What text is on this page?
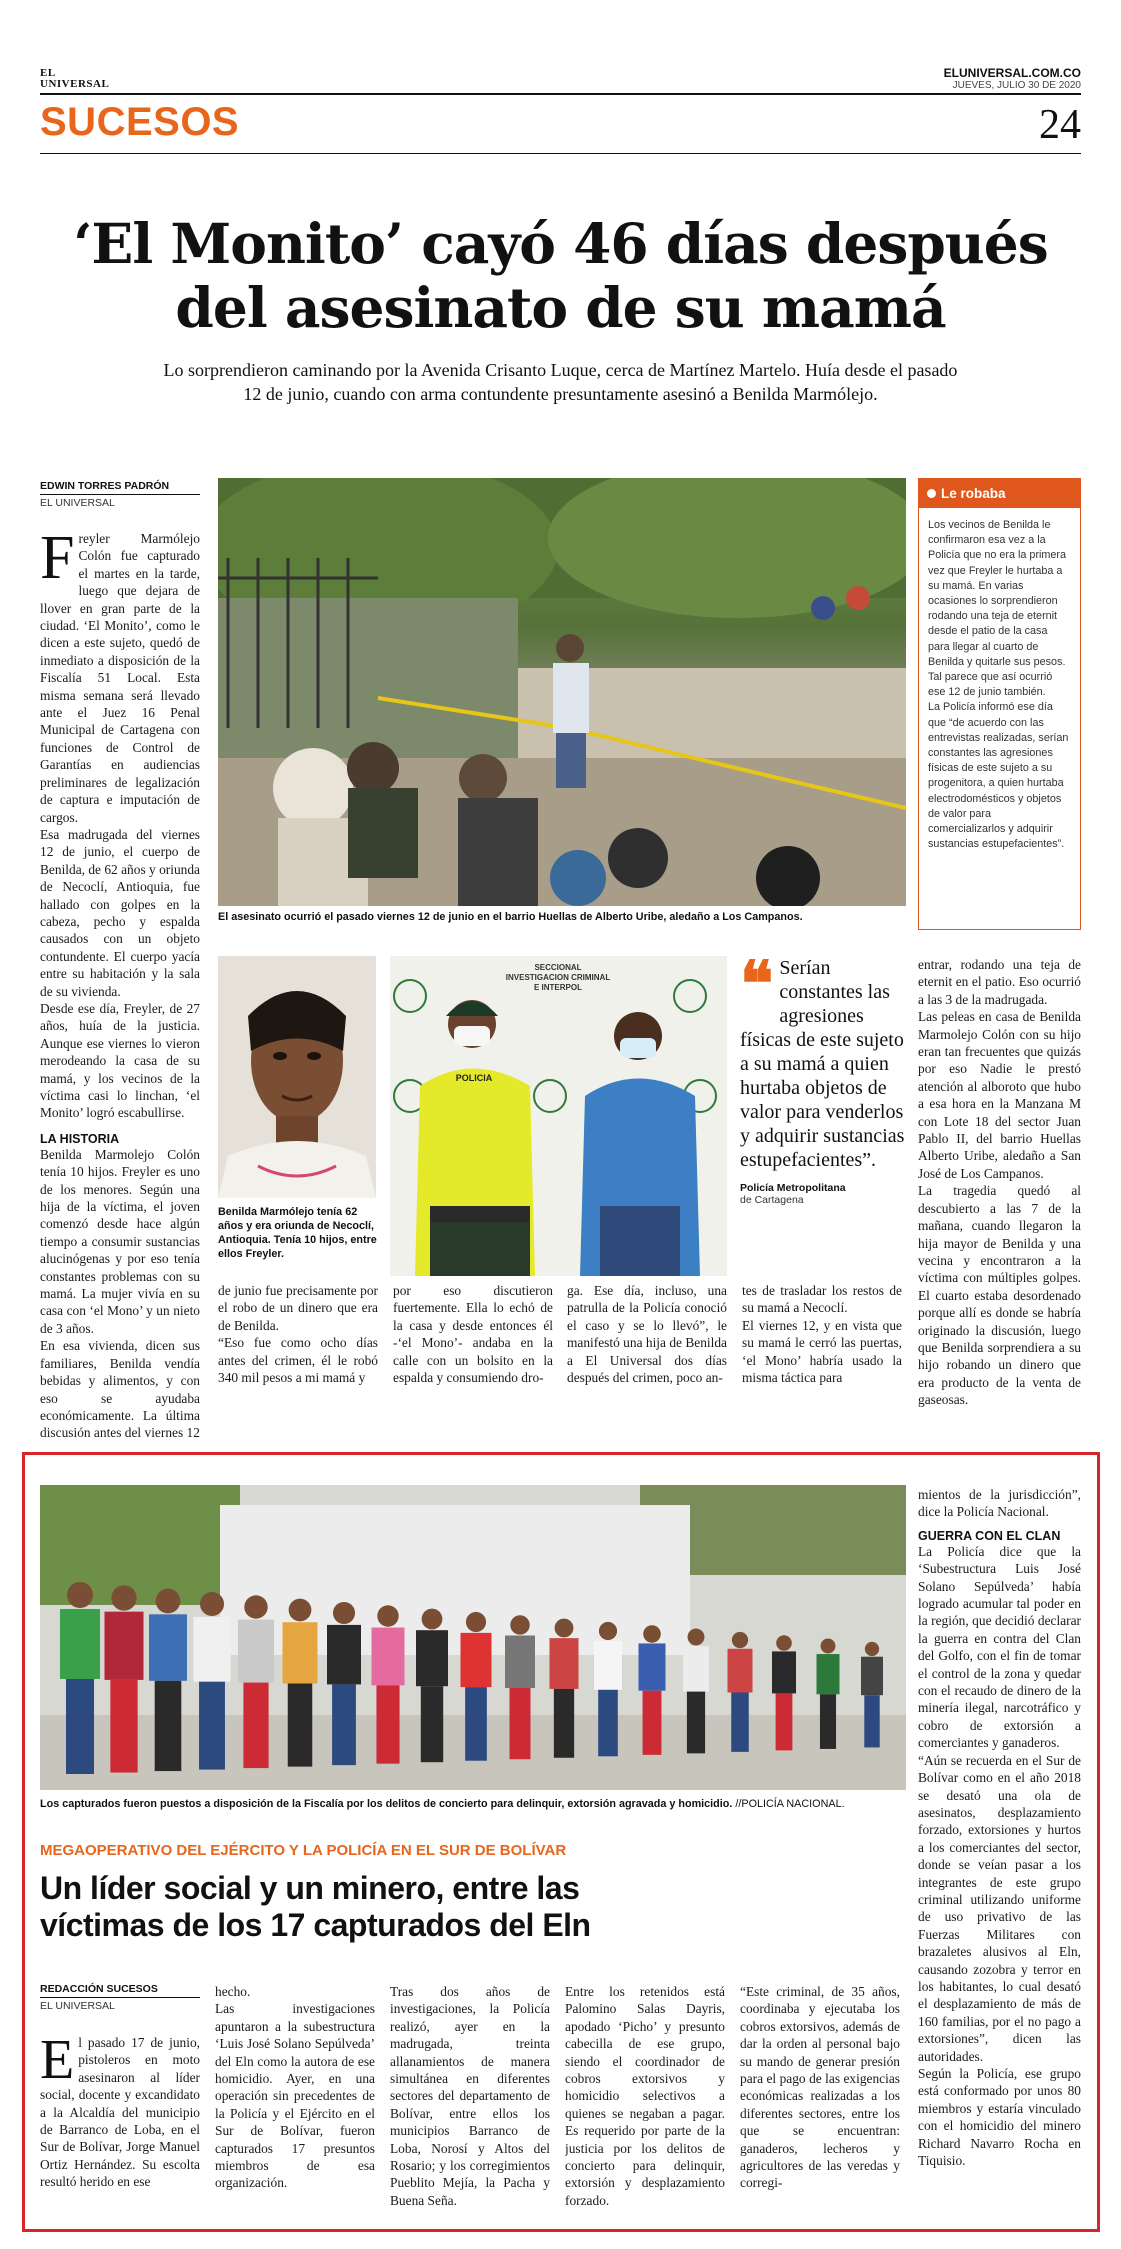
EL UNIVERSAL
ELUNIVERSAL.COM.CO
JUEVES, JULIO 30 DE 2020
SUCESOS	24
‘El Monito’ cayó 46 días después
del asesinato de su mamá
Lo sorprendieron caminando por la Avenida Crisanto Luque, cerca de Martínez Martelo. Huía desde el pasado
12 de junio, cuando con arma contundente presuntamente asesinó a Benilda Marmólejo.
EDWIN TORRES PADRÓN
EL UNIVERSAL
F reyler Marmólejo Colón fue capturado el martes en la tarde, luego que dejara de llover en gran parte de la ciudad. ‘El Monito’, como le dicen a este sujeto, quedó de inmediato a disposición de la Fiscalía 51 Local. Esta misma semana será llevado ante el Juez 16 Penal Municipal de Cartagena con funciones de Control de Garantías en audiencias preliminares de legalización de captura e imputación de cargos.
Esa madrugada del viernes 12 de junio, el cuerpo de Benilda, de 62 años y oriunda de Necoclí, Antioquia, fue hallado con golpes en la cabeza, pecho y espalda causados con un objeto contundente. El cuerpo yacía entre su habitación y la sala de su vivienda.
Desde ese día, Freyler, de 27 años, huía de la justicia. Aunque ese viernes lo vieron merodeando la casa de su mamá, y los vecinos de la víctima casi lo linchan, ‘el Monito’ logró escabullirse.
LA HISTORIA
Benilda Marmolejo Colón tenía 10 hijos. Freyler es uno de los menores. Según una hija de la víctima, el joven comenzó desde hace algún tiempo a consumir sustancias alucinógenas y por eso tenía constantes problemas con su mamá. La mujer vivía en su casa con ‘el Mono’ y un nieto de 3 años.
En esa vivienda, dicen sus familiares, Benilda vendía bebidas y alimentos, y con eso se ayudaba económicamente. La última discusión antes del viernes 12
El asesinato ocurrió el pasado viernes 12 de junio en el barrio Huellas de Alberto Uribe, aledaño a Los Campanos.
Le robaba
Los vecinos de Benilda le confirmaron esa vez a la Policía que no era la primera vez que Freyler le hurtaba a su mamá. En varias ocasiones lo sorprendieron rodando una teja de eternit desde el patio de la casa para llegar al cuarto de Benilda y quitarle sus pesos. Tal parece que así ocurrió ese 12 de junio también.
La Policía informó ese día que “de acuerdo con las entrevistas realizadas, serían constantes las agresiones físicas de este sujeto a su progenitora, a quien hurtaba electrodomésticos y objetos de valor para comercializarlos y adquirir sustancias estupefacientes”.
Benilda Marmólejo tenía 62 años y era oriunda de Necoclí, Antioquia. Tenía 10 hijos, entre ellos Freyler.
SECCIONAL
INVESTIGACION CRIMINAL
E INTERPOL
POLICIA
❝ Serían constantes las agresiones físicas de este sujeto a su mamá a quien hurtaba objetos de valor para venderlos y adquirir sustancias estupefacientes”.
Policía Metropolitana
de Cartagena
de junio fue precisamente por el robo de un dinero que era de Benilda.
“Eso fue como ocho días antes del crimen, él le robó 340 mil pesos a mi mamá y
por eso discutieron fuertemente. Ella lo echó de la casa y desde entonces él -‘el Mono’- andaba en la calle con un bolsito en la espalda y consumiendo dro-
ga. Ese día, incluso, una patrulla de la Policía conoció el caso y se lo llevó”, le manifestó una hija de Benilda a El Universal dos días después del crimen, poco an-
tes de trasladar los restos de su mamá a Necoclí.
El viernes 12, y en vista que su mamá le cerró las puertas, ‘el Mono’ habría usado la misma táctica para
entrar, rodando una teja de eternit en el patio. Eso ocurrió a las 3 de la madrugada.
Las peleas en casa de Benilda Marmolejo Colón con su hijo eran tan frecuentes que quizás por eso Nadie le prestó atención al alboroto que hubo a esa hora en la Manzana M con Lote 18 del sector Juan Pablo II, del barrio Huellas Alberto Uribe, aledaño a San José de Los Campanos.
La tragedia quedó al descubierto a las 7 de la mañana, cuando llegaron la hija mayor de Benilda y una vecina y encontraron a la víctima con múltiples golpes. El cuarto estaba desordenado porque allí es donde se habría originado la discusión, luego que Benilda sorprendiera a su hijo robando un dinero que era producto de la venta de gaseosas.
Los capturados fueron puestos a disposición de la Fiscalía por los delitos de concierto para delinquir, extorsión agravada y homicidio. //POLICÍA NACIONAL.
MEGAOPERATIVO DEL EJÉRCITO Y LA POLICÍA EN EL SUR DE BOLÍVAR
Un líder social y un minero, entre las
víctimas de los 17 capturados del Eln
REDACCIÓN SUCESOS
EL UNIVERSAL
E l pasado 17 de junio, pistoleros en moto asesinaron al líder social, docente y excandidato a la Alcaldía del municipio de Barranco de Loba, en el Sur de Bolívar, Jorge Manuel Ortiz Hernández. Su escolta resultó herido en ese
hecho.
Las investigaciones apuntaron a la subestructura ‘Luis José Solano Sepúlveda’ del Eln como la autora de ese homicidio. Ayer, en una operación sin precedentes de la Policía y el Ejército en el Sur de Bolívar, fueron capturados 17 presuntos miembros de esa organización.
Tras dos años de investigaciones, la Policía realizó, ayer en la madrugada, treinta allanamientos de manera simultánea en diferentes sectores del departamento de Bolívar, entre ellos los municipios Barranco de Loba, Norosí y Altos del Rosario; y los corregimientos Pueblito Mejía, la Pacha y Buena Seña.
Entre los retenidos está Palomino Salas Dayris, apodado ‘Picho’ y presunto cabecilla de ese grupo, siendo el coordinador de cobros extorsivos y homicidio selectivos a quienes se negaban a pagar. Es requerido por parte de la justicia por los delitos de concierto para delinquir, extorsión y desplazamiento forzado.
“Este criminal, de 35 años, coordinaba y ejecutaba los cobros extorsivos, además de dar la orden al personal bajo su mando de generar presión para el pago de las exigencias económicas realizadas a los diferentes sectores, entre los que se encuentran: ganaderos, lecheros y agricultores de las veredas y corregi-
mientos de la jurisdicción”, dice la Policía Nacional.
GUERRA CON EL CLAN
La Policía dice que la ‘Subestructura Luis José Solano Sepúlveda’ había logrado acumular tal poder en la región, que decidió declarar la guerra en contra del Clan del Golfo, con el fin de tomar el control de la zona y quedar con el recaudo de dinero de la minería ilegal, narcotráfico y cobro de extorsión a comerciantes y ganaderos.
“Aún se recuerda en el Sur de Bolívar como en el año 2018 se desató una ola de asesinatos, desplazamiento forzado, extorsiones y hurtos a los comerciantes del sector, donde se veían pasar a los integrantes de este grupo criminal utilizando uniforme de uso privativo de las Fuerzas Militares con brazaletes alusivos al Eln, causando zozobra y terror en los habitantes, lo cual desató el desplazamiento de más de 160 familias, por el no pago a extorsiones”, dicen las autoridades.
Según la Policía, ese grupo está conformado por unos 80 miembros y estaría vinculado con el homicidio del minero Richard Navarro Rocha en Tiquisio.
